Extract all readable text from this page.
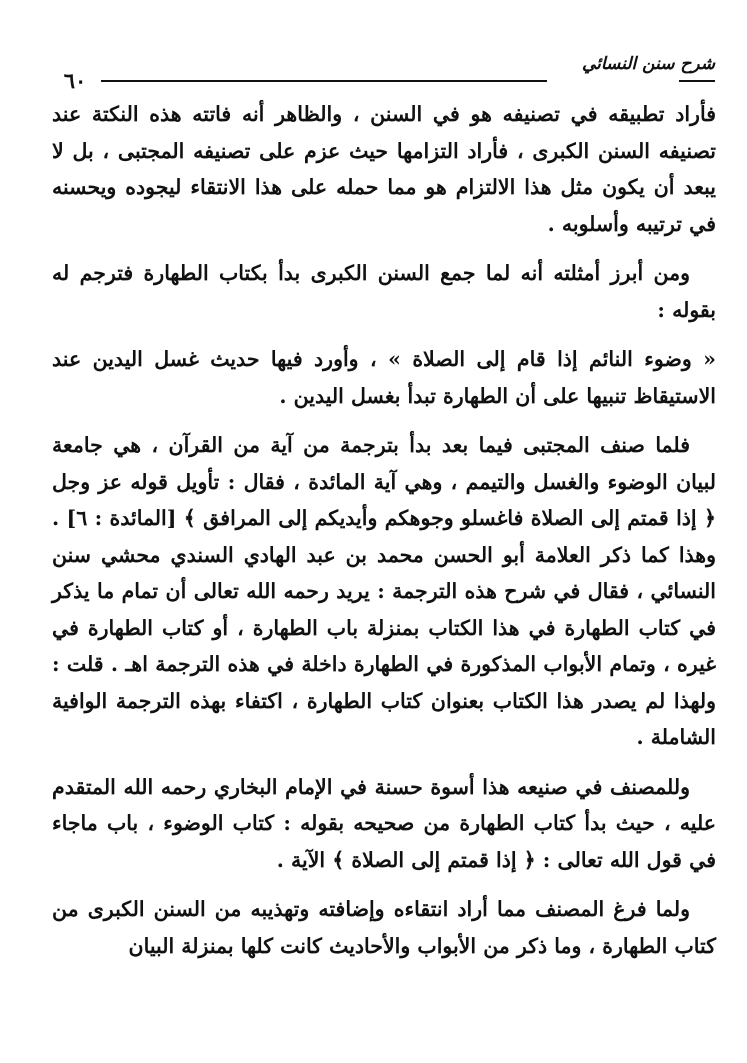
شرح سنن النسائي
٦٠

فأراد تطبيقه في تصنيفه هو في السنن ، والظاهر أنه فاتته هذه النكتة عند تصنيفه السنن الكبرى ، فأراد التزامها حيث عزم على تصنيفه المجتبى ، بل لا يبعد أن يكون مثل هذا الالتزام هو مما حمله على هذا الانتقاء ليجوده ويحسنه في ترتيبه وأسلوبه .

ومن أبرز أمثلته أنه لما جمع السنن الكبرى بدأ بكتاب الطهارة فترجم له بقوله :

« وضوء النائم إذا قام إلى الصلاة » ، وأورد فيها حديث غسل اليدين عند الاستيقاظ تنبيها على أن الطهارة تبدأ بغسل اليدين .

فلما صنف المجتبى فيما بعد بدأ بترجمة من آية من القرآن ، هي جامعة لبيان الوضوء والغسل والتيمم ، وهي آية المائدة ، فقال : تأويل قوله عز وجل ﴿ إذا قمتم إلى الصلاة فاغسلو وجوهكم وأيديكم إلى المرافق ﴾ [المائدة : ٦] . وهذا كما ذكر العلامة أبو الحسن محمد بن عبد الهادي السندي محشي سنن النسائي ، فقال في شرح هذه الترجمة : يريد رحمه الله تعالى أن تمام ما يذكر في كتاب الطهارة في هذا الكتاب بمنزلة باب الطهارة ، أو كتاب الطهارة في غيره ، وتمام الأبواب المذكورة في الطهارة داخلة في هذه الترجمة اهـ . قلت : ولهذا لم يصدر هذا الكتاب بعنوان كتاب الطهارة ، اكتفاء بهذه الترجمة الوافية الشاملة .

وللمصنف في صنيعه هذا أسوة حسنة في الإمام البخاري رحمه الله المتقدم عليه ، حيث بدأ كتاب الطهارة من صحيحه بقوله : كتاب الوضوء ، باب ماجاء في قول الله تعالى : ﴿ إذا قمتم إلى الصلاة ﴾ الآية .

ولما فرغ المصنف مما أراد انتقاءه وإضافته وتهذيبه من السنن الكبرى من كتاب الطهارة ، وما ذكر من الأبواب والأحاديث كانت كلها بمنزلة البيان
